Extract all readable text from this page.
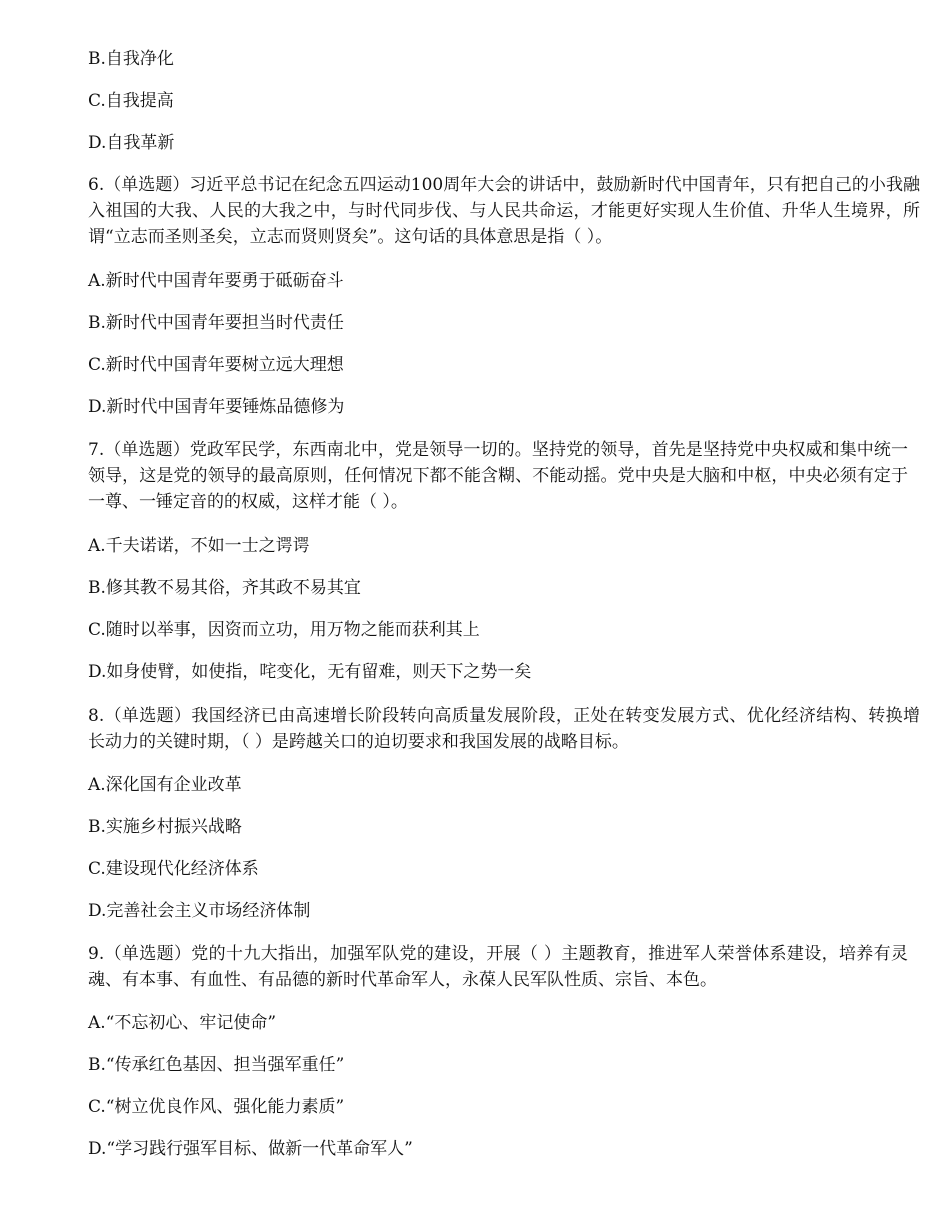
B.自我净化
C.自我提高
D.自我革新
6.（单选题）习近平总书记在纪念五四运动100周年大会的讲话中，鼓励新时代中国青年，只有把自己的小我融入祖国的大我、人民的大我之中，与时代同步伐、与人民共命运，才能更好实现人生价值、升华人生境界，所谓“立志而圣则圣矣，立志而贤则贤矣”。这句话的具体意思是指（ ）。
A.新时代中国青年要勇于砥砺奋斗
B.新时代中国青年要担当时代责任
C.新时代中国青年要树立远大理想
D.新时代中国青年要锤炼品德修为
7.（单选题）党政军民学，东西南北中，党是领导一切的。坚持党的领导，首先是坚持党中央权威和集中统一领导，这是党的领导的最高原则，任何情况下都不能含糊、不能动摇。党中央是大脑和中枢，中央必须有定于一尊、一锤定音的的权威，这样才能（ ）。
A.千夫诺诺，不如一士之谔谔
B.修其教不易其俗，齐其政不易其宜
C.随时以举事，因资而立功，用万物之能而获利其上
D.如身使臂，如使指，咤变化，无有留难，则天下之势一矣
8.（单选题）我国经济已由高速增长阶段转向高质量发展阶段，正处在转变发展方式、优化经济结构、转换增长动力的关键时期，（ ）是跨越关口的迫切要求和我国发展的战略目标。
A.深化国有企业改革
B.实施乡村振兴战略
C.建设现代化经济体系
D.完善社会主义市场经济体制
9.（单选题）党的十九大指出，加强军队党的建设，开展（ ）主题教育，推进军人荣誉体系建设，培养有灵魂、有本事、有血性、有品德的新时代革命军人，永葆人民军队性质、宗旨、本色。
A.“不忘初心、牢记使命”
B.“传承红色基因、担当强军重任”
C.“树立优良作风、强化能力素质”
D.“学习践行强军目标、做新一代革命军人”
